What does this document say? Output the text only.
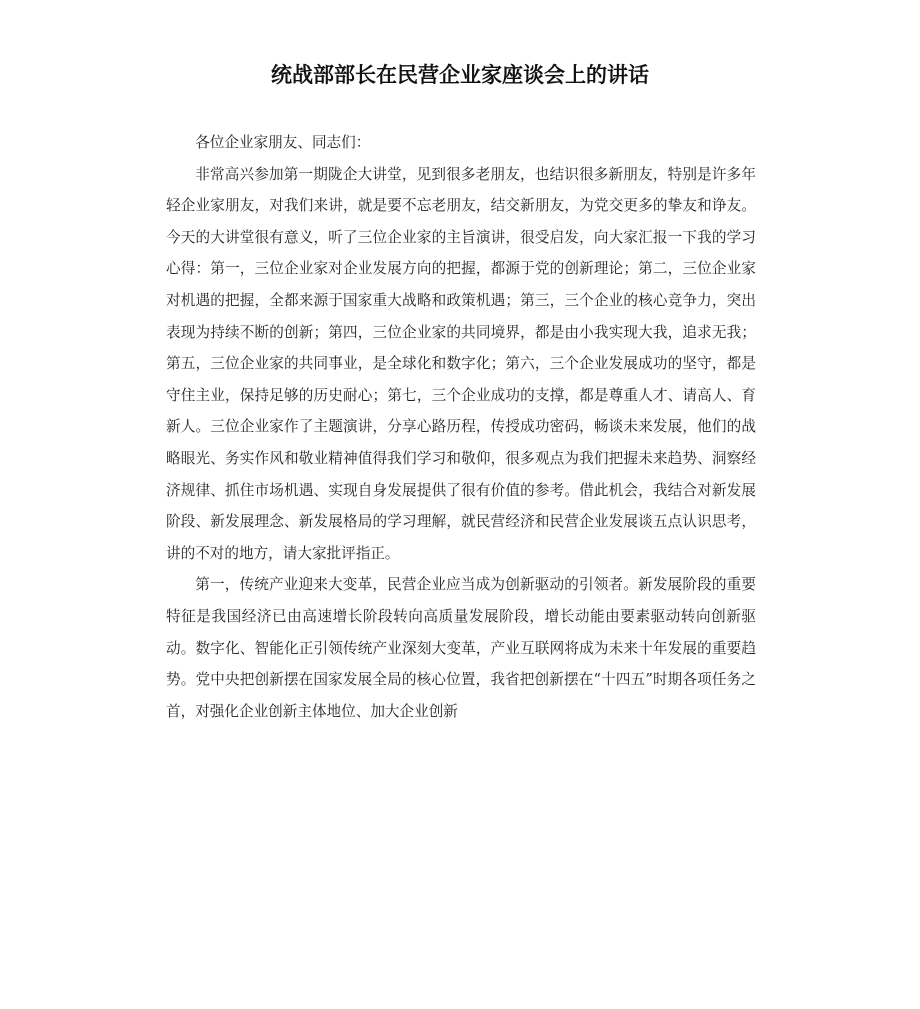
统战部部长在民营企业家座谈会上的讲话

各位企业家朋友、同志们：

非常高兴参加第一期陇企大讲堂，见到很多老朋友，也结识很多新朋友，特别是许多年轻企业家朋友，对我们来讲，就是要不忘老朋友，结交新朋友，为党交更多的挚友和诤友。今天的大讲堂很有意义，听了三位企业家的主旨演讲，很受启发，向大家汇报一下我的学习心得：第一，三位企业家对企业发展方向的把握，都源于党的创新理论；第二，三位企业家对机遇的把握，全都来源于国家重大战略和政策机遇；第三，三个企业的核心竞争力，突出表现为持续不断的创新；第四，三位企业家的共同境界，都是由小我实现大我，追求无我；第五，三位企业家的共同事业，是全球化和数字化；第六，三个企业发展成功的坚守，都是守住主业，保持足够的历史耐心；第七，三个企业成功的支撑，都是尊重人才、请高人、育新人。三位企业家作了主题演讲，分享心路历程，传授成功密码，畅谈未来发展，他们的战略眼光、务实作风和敬业精神值得我们学习和敬仰，很多观点为我们把握未来趋势、洞察经济规律、抓住市场机遇、实现自身发展提供了很有价值的参考。借此机会，我结合对新发展阶段、新发展理念、新发展格局的学习理解，就民营经济和民营企业发展谈五点认识思考，讲的不对的地方，请大家批评指正。

第一，传统产业迎来大变革，民营企业应当成为创新驱动的引领者。新发展阶段的重要特征是我国经济已由高速增长阶段转向高质量发展阶段，增长动能由要素驱动转向创新驱动。数字化、智能化正引领传统产业深刻大变革，产业互联网将成为未来十年发展的重要趋势。党中央把创新摆在国家发展全局的核心位置，我省把创新摆在“十四五”时期各项任务之首，对强化企业创新主体地位、加大企业创新
